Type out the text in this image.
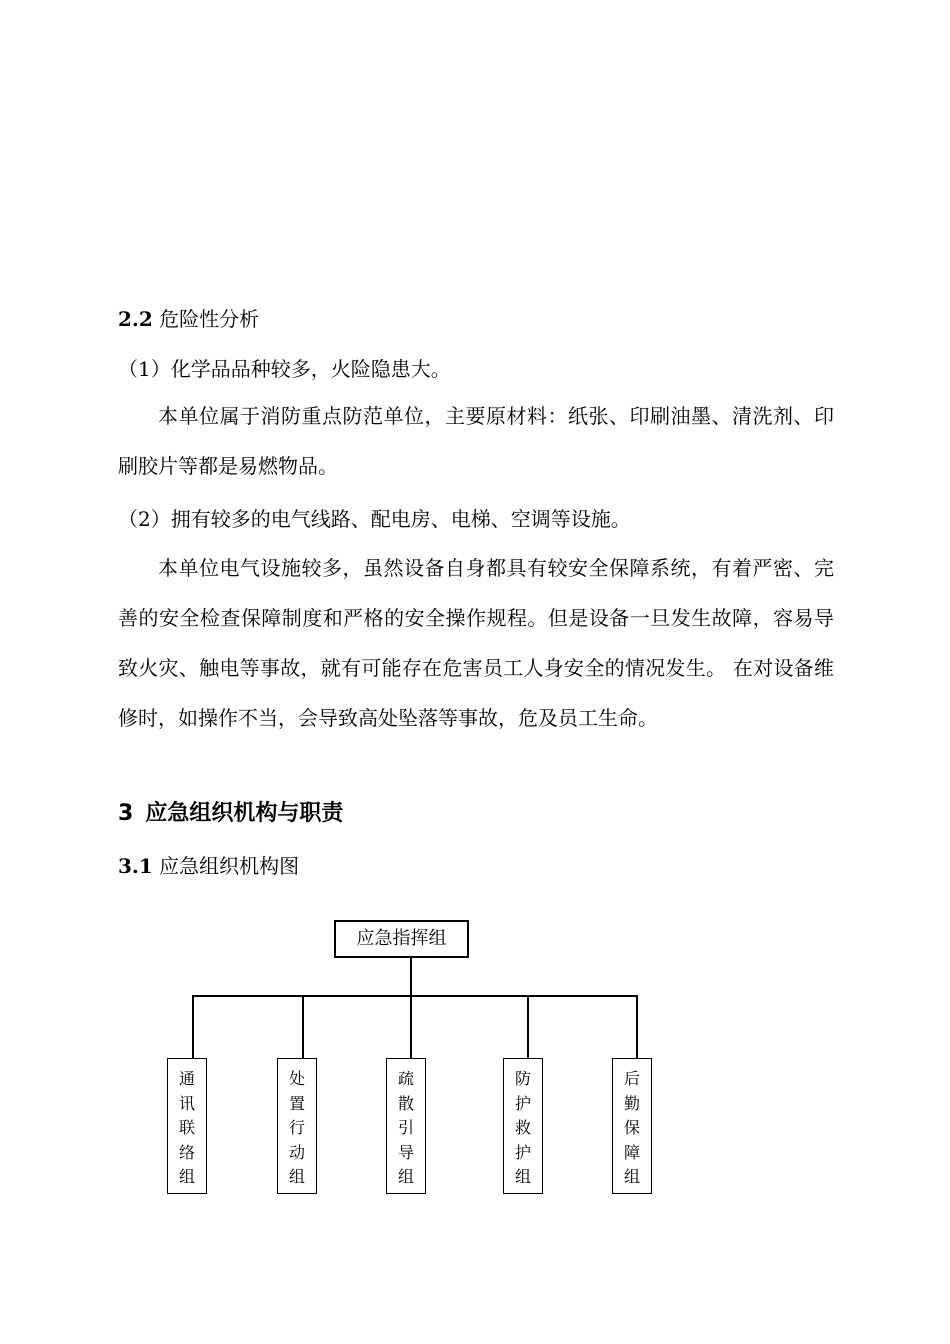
2.2 危险性分析
（1）化学品品种较多，火险隐患大。
本单位属于消防重点防范单位，主要原材料：纸张、印刷油墨、清洗剂、印刷胶片等都是易燃物品。
（2）拥有较多的电气线路、配电房、电梯、空调等设施。
本单位电气设施较多，虽然设备自身都具有较安全保障系统，有着严密、完善的安全检查保障制度和严格的安全操作规程。但是设备一旦发生故障，容易导致火灾、触电等事故，就有可能存在危害员工人身安全的情况发生。 在对设备维修时，如操作不当，会导致高处坠落等事故，危及员工生命。
3 应急组织机构与职责
3.1 应急组织机构图
应急指挥组
通
讯
联
络
组
处
置
行
动
组
疏
散
引
导
组
防
护
救
护
组
后
勤
保
障
组
